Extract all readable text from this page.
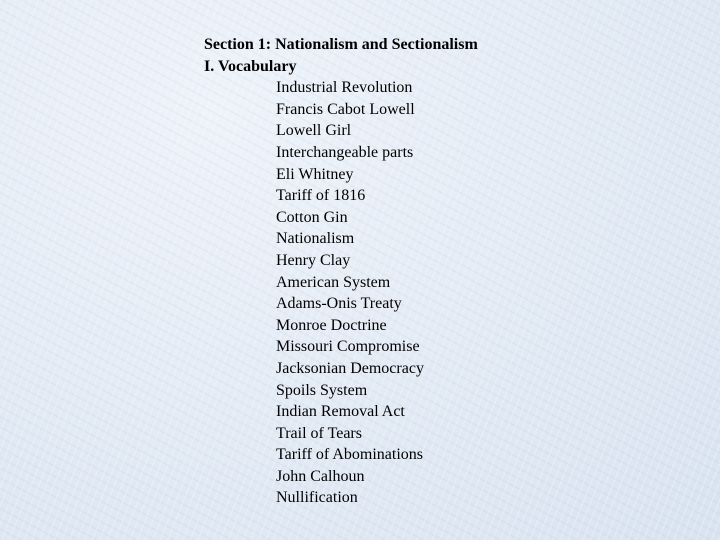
Section 1: Nationalism and Sectionalism
I. Vocabulary
Industrial Revolution
Francis Cabot Lowell
Lowell Girl
Interchangeable parts
Eli Whitney
Tariff of 1816
Cotton Gin
Nationalism
Henry Clay
American System
Adams-Onis Treaty
Monroe Doctrine
Missouri Compromise
Jacksonian Democracy
Spoils System
Indian Removal Act
Trail of Tears
Tariff of Abominations
John Calhoun
Nullification
